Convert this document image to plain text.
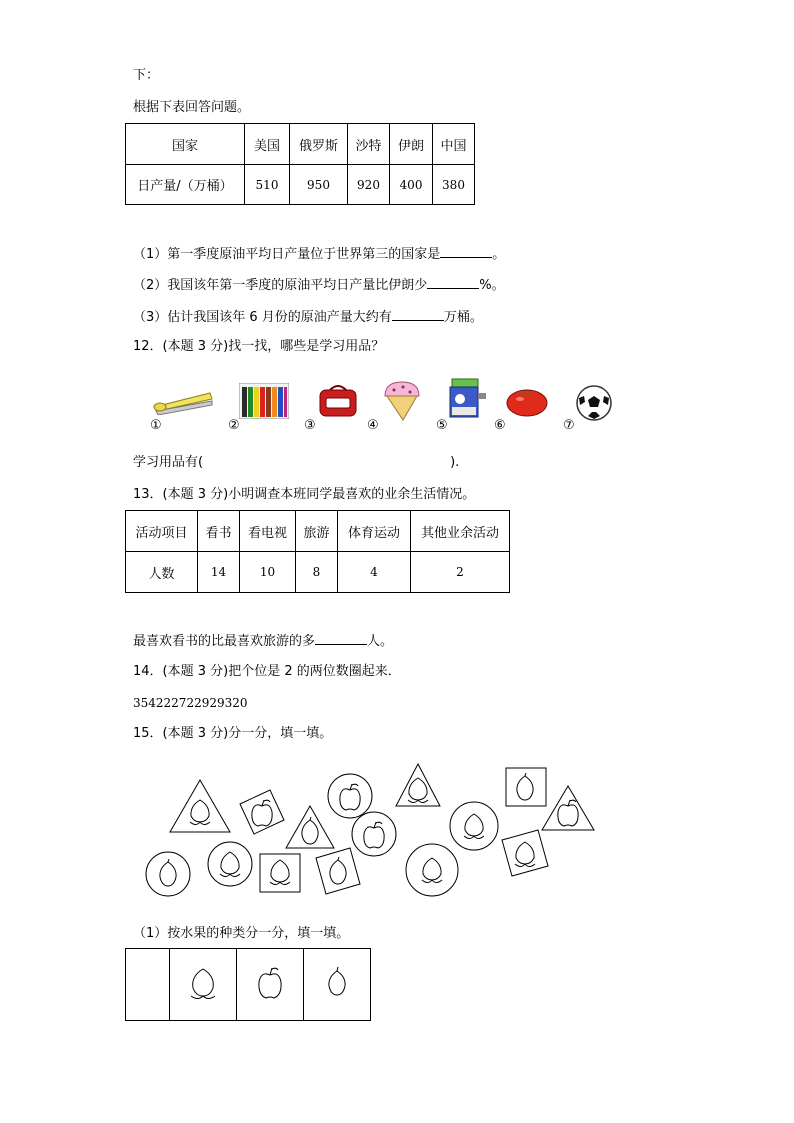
下：
根据下表回答问题。
国家	美国	俄罗斯	沙特	伊朗	中国
日产量/（万桶）	510	950	920	400	380
（1）第一季度原油平均日产量位于世界第三的国家是	。
（2）我国该年第一季度的原油平均日产量比伊朗少	%。
（3）估计我国该年 6 月份的原油产量大约有	万桶。
12．(本题 3 分)找一找，哪些是学习用品？
①	②	③	④	⑤	⑥	⑦
学习用品有(	).
13．(本题 3 分)小明调查本班同学最喜欢的业余生活情况。
活动项目	看书	看电视	旅游	体育运动	其他业余活动
人数	14	10	8	4	2
最喜欢看书的比最喜欢旅游的多	人。
14．(本题 3 分)把个位是 2 的两位数圈起来．
354222722929320
15．(本题 3 分)分一分，填一填。
（1）按水果的种类分一分，填一填。
